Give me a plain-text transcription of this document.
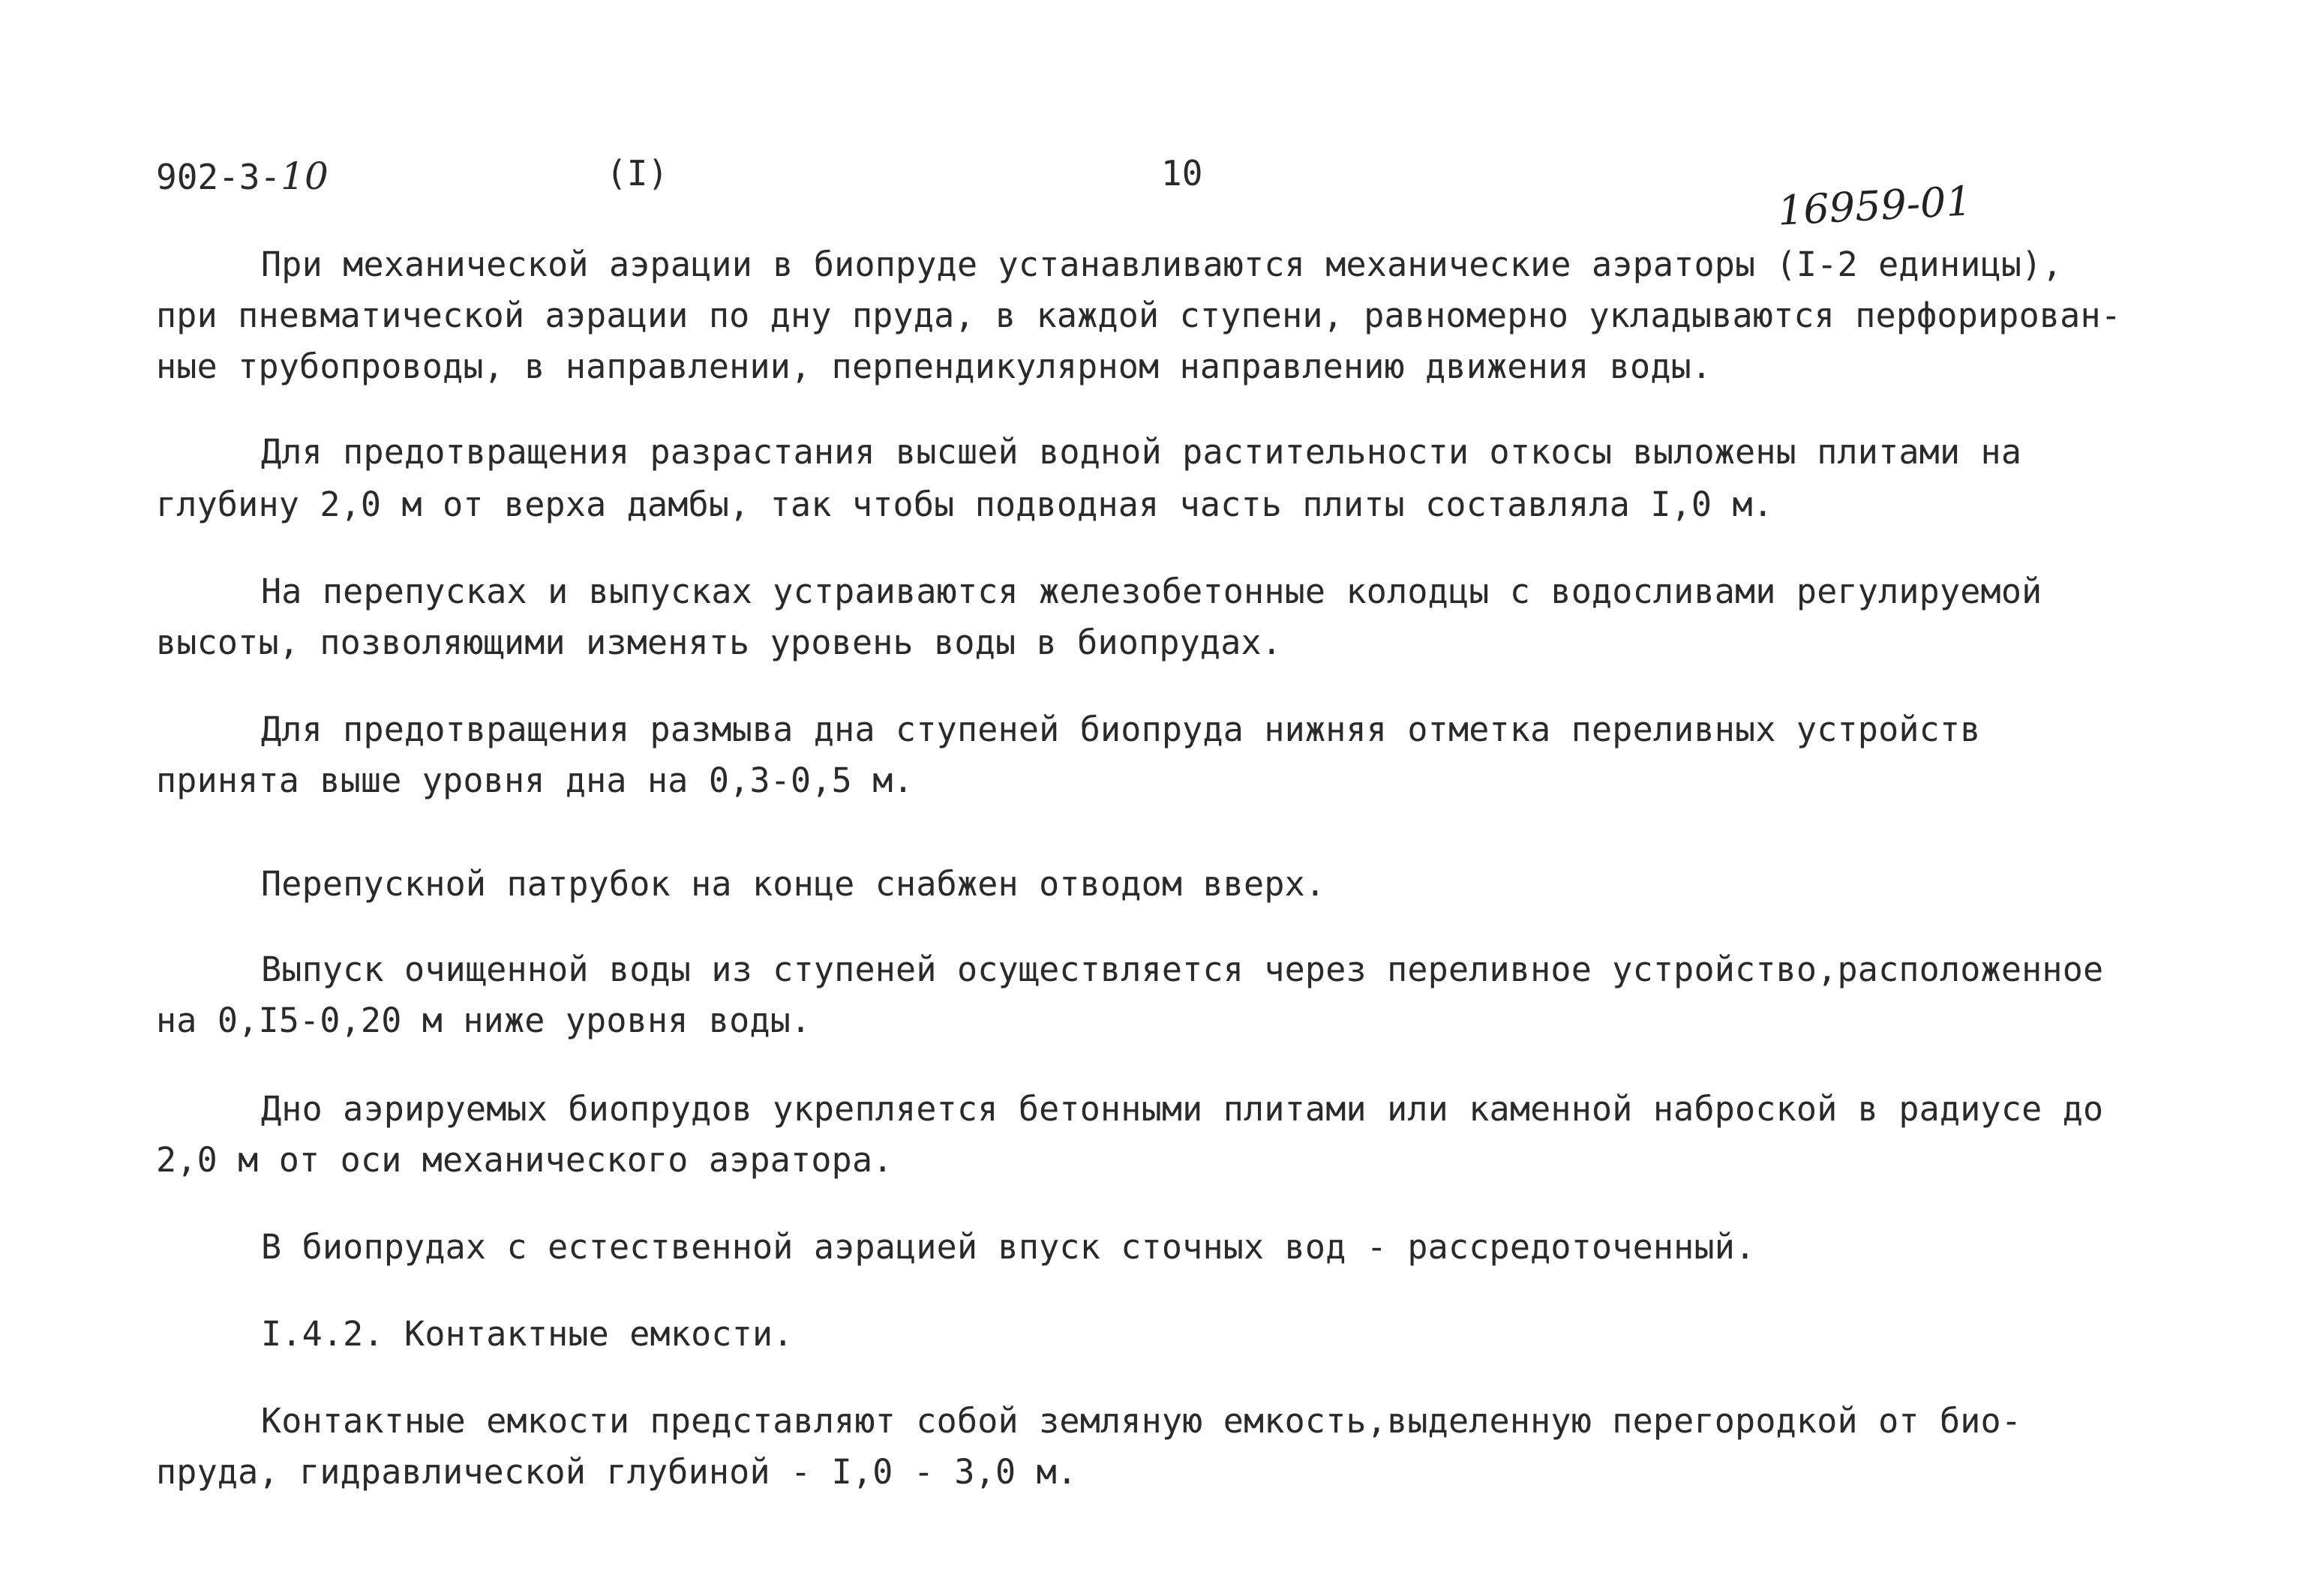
902-3-10	(I)	10
16959-01
При механической аэрации в биопруде устанавливаются механические аэраторы (I-2 единицы),
при пневматической аэрации по дну пруда, в каждой ступени, равномерно укладываются перфорирован-
ные трубопроводы, в направлении, перпендикулярном направлению движения воды.
Для предотвращения разрастания высшей водной растительности откосы выложены плитами на
глубину 2,0 м от верха дамбы, так чтобы подводная часть плиты составляла I,0 м.
На перепусках и выпусках устраиваются железобетонные колодцы с водосливами регулируемой
высоты, позволяющими изменять уровень воды в биопрудах.
Для предотвращения размыва дна ступеней биопруда нижняя отметка переливных устройств
принята выше уровня дна на 0,3-0,5 м.
Перепускной патрубок на конце снабжен отводом вверх.
Выпуск очищенной воды из ступеней осуществляется через переливное устройство,расположенное
на 0,I5-0,20 м ниже уровня воды.
Дно аэрируемых биопрудов укрепляется бетонными плитами или каменной наброской в радиусе до
2,0 м от оси механического аэратора.
В биопрудах с естественной аэрацией впуск сточных вод - рассредоточенный.
I.4.2. Контактные емкости.
Контактные емкости представляют собой земляную емкость,выделенную перегородкой от био-
пруда, гидравлической глубиной - I,0 - 3,0 м.
